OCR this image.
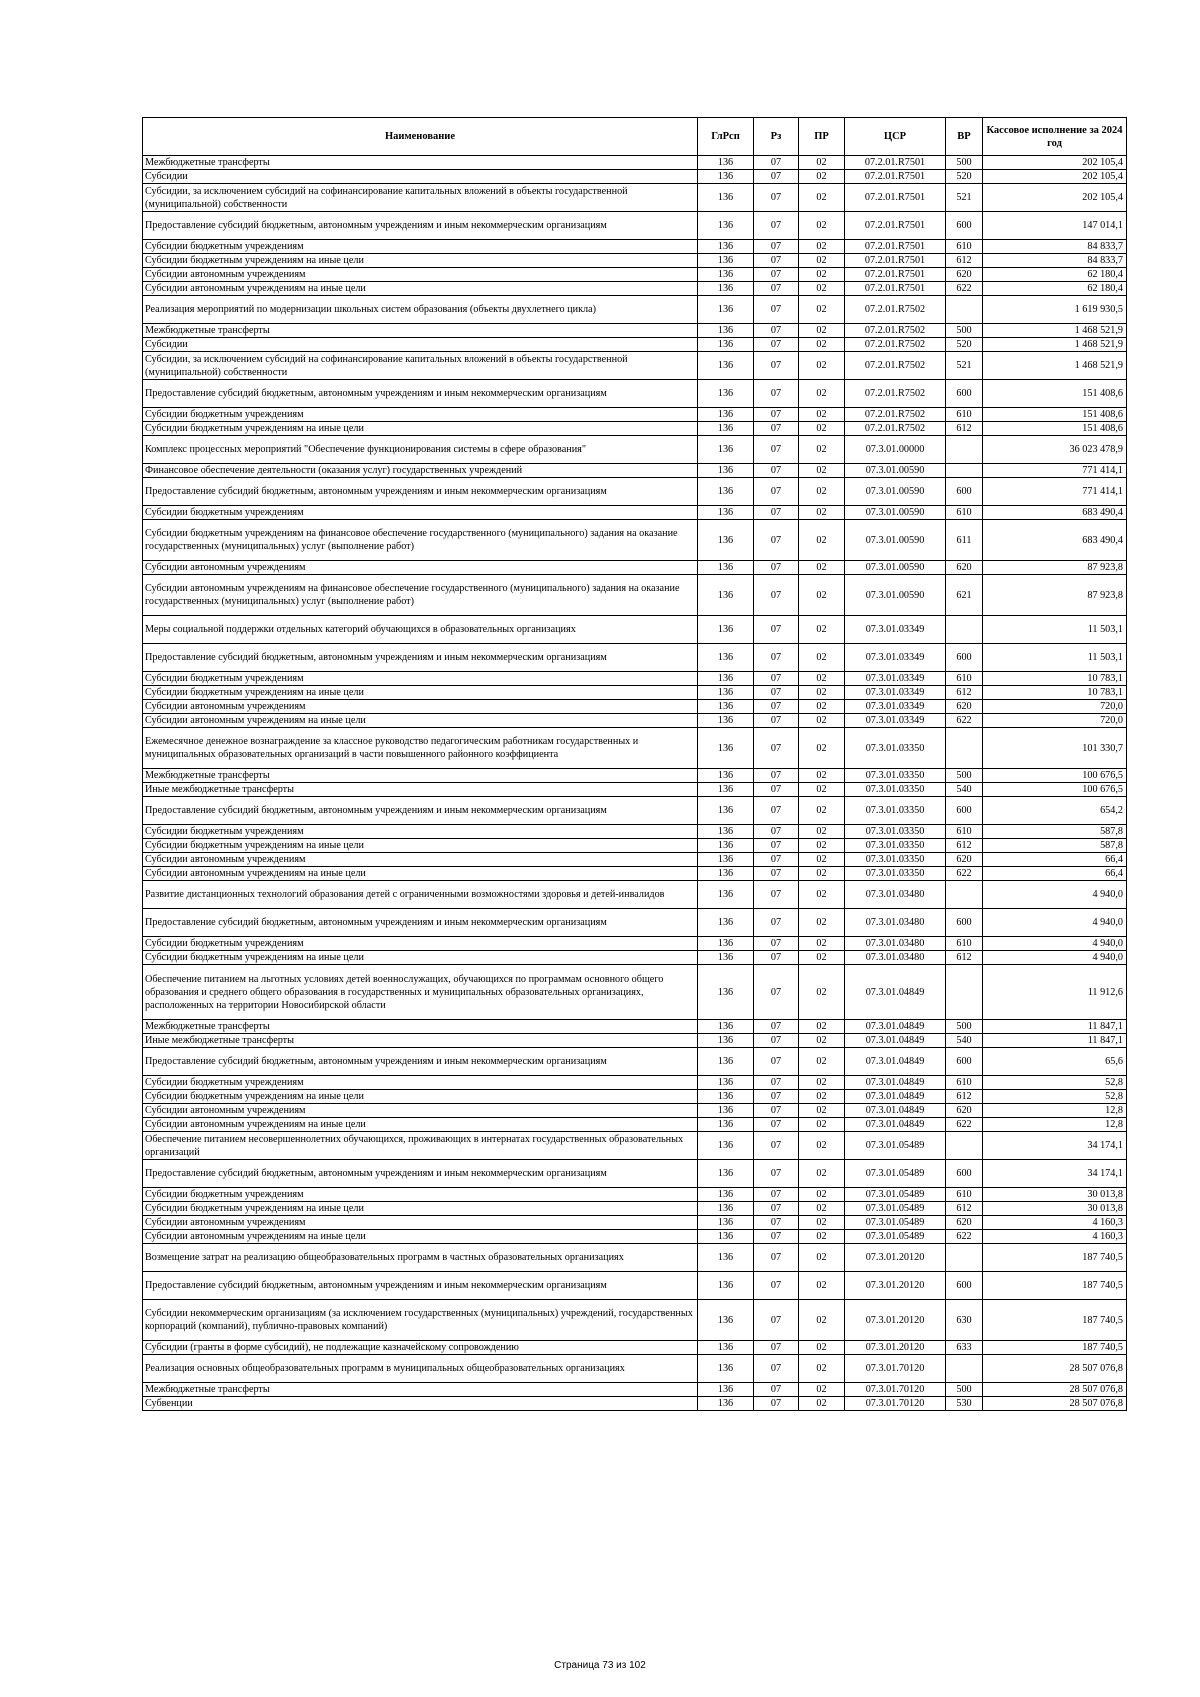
Наименование	ГлРсп	Рз	ПР	ЦСР	ВР	Кассовое исполнение за 2024 год
Межбюджетные трансферты	136	07	02	07.2.01.R7501	500	202 105,4
Субсидии	136	07	02	07.2.01.R7501	520	202 105,4
Субсидии, за исключением субсидий на софинансирование капитальных вложений в объекты государственной (муниципальной) собственности	136	07	02	07.2.01.R7501	521	202 105,4
Предоставление субсидий бюджетным, автономным учреждениям и иным некоммерческим организациям	136	07	02	07.2.01.R7501	600	147 014,1
Субсидии бюджетным учреждениям	136	07	02	07.2.01.R7501	610	84 833,7
Субсидии бюджетным учреждениям на иные цели	136	07	02	07.2.01.R7501	612	84 833,7
Субсидии автономным учреждениям	136	07	02	07.2.01.R7501	620	62 180,4
Субсидии автономным учреждениям на иные цели	136	07	02	07.2.01.R7501	622	62 180,4
Реализация мероприятий по модернизации школьных систем образования (объекты двухлетнего цикла)	136	07	02	07.2.01.R7502		1 619 930,5
Межбюджетные трансферты	136	07	02	07.2.01.R7502	500	1 468 521,9
Субсидии	136	07	02	07.2.01.R7502	520	1 468 521,9
Субсидии, за исключением субсидий на софинансирование капитальных вложений в объекты государственной (муниципальной) собственности	136	07	02	07.2.01.R7502	521	1 468 521,9
Предоставление субсидий бюджетным, автономным учреждениям и иным некоммерческим организациям	136	07	02	07.2.01.R7502	600	151 408,6
Субсидии бюджетным учреждениям	136	07	02	07.2.01.R7502	610	151 408,6
Субсидии бюджетным учреждениям на иные цели	136	07	02	07.2.01.R7502	612	151 408,6
Комплекс процессных мероприятий "Обеспечение функционирования системы в сфере образования"	136	07	02	07.3.01.00000		36 023 478,9
Финансовое обеспечение деятельности (оказания услуг) государственных учреждений	136	07	02	07.3.01.00590		771 414,1
Предоставление субсидий бюджетным, автономным учреждениям и иным некоммерческим организациям	136	07	02	07.3.01.00590	600	771 414,1
Субсидии бюджетным учреждениям	136	07	02	07.3.01.00590	610	683 490,4
Субсидии бюджетным учреждениям на финансовое обеспечение государственного (муниципального) задания на оказание государственных (муниципальных) услуг (выполнение работ)	136	07	02	07.3.01.00590	611	683 490,4
Субсидии автономным учреждениям	136	07	02	07.3.01.00590	620	87 923,8
Субсидии автономным учреждениям на финансовое обеспечение государственного (муниципального) задания на оказание государственных (муниципальных) услуг (выполнение работ)	136	07	02	07.3.01.00590	621	87 923,8
Меры социальной поддержки отдельных категорий обучающихся в образовательных организациях	136	07	02	07.3.01.03349		11 503,1
Предоставление субсидий бюджетным, автономным учреждениям и иным некоммерческим организациям	136	07	02	07.3.01.03349	600	11 503,1
Субсидии бюджетным учреждениям	136	07	02	07.3.01.03349	610	10 783,1
Субсидии бюджетным учреждениям на иные цели	136	07	02	07.3.01.03349	612	10 783,1
Субсидии автономным учреждениям	136	07	02	07.3.01.03349	620	720,0
Субсидии автономным учреждениям на иные цели	136	07	02	07.3.01.03349	622	720,0
Ежемесячное денежное вознаграждение за классное руководство педагогическим работникам государственных и муниципальных образовательных организаций в части повышенного районного коэффициента	136	07	02	07.3.01.03350		101 330,7
Межбюджетные трансферты	136	07	02	07.3.01.03350	500	100 676,5
Иные межбюджетные трансферты	136	07	02	07.3.01.03350	540	100 676,5
Предоставление субсидий бюджетным, автономным учреждениям и иным некоммерческим организациям	136	07	02	07.3.01.03350	600	654,2
Субсидии бюджетным учреждениям	136	07	02	07.3.01.03350	610	587,8
Субсидии бюджетным учреждениям на иные цели	136	07	02	07.3.01.03350	612	587,8
Субсидии автономным учреждениям	136	07	02	07.3.01.03350	620	66,4
Субсидии автономным учреждениям на иные цели	136	07	02	07.3.01.03350	622	66,4
Развитие дистанционных технологий образования детей с ограниченными возможностями здоровья и детей-инвалидов	136	07	02	07.3.01.03480		4 940,0
Предоставление субсидий бюджетным, автономным учреждениям и иным некоммерческим организациям	136	07	02	07.3.01.03480	600	4 940,0
Субсидии бюджетным учреждениям	136	07	02	07.3.01.03480	610	4 940,0
Субсидии бюджетным учреждениям на иные цели	136	07	02	07.3.01.03480	612	4 940,0
Обеспечение питанием на льготных условиях детей военнослужащих, обучающихся по программам основного общего образования и среднего общего образования в государственных и муниципальных образовательных организациях, расположенных на территории Новосибирской области	136	07	02	07.3.01.04849		11 912,6
Межбюджетные трансферты	136	07	02	07.3.01.04849	500	11 847,1
Иные межбюджетные трансферты	136	07	02	07.3.01.04849	540	11 847,1
Предоставление субсидий бюджетным, автономным учреждениям и иным некоммерческим организациям	136	07	02	07.3.01.04849	600	65,6
Субсидии бюджетным учреждениям	136	07	02	07.3.01.04849	610	52,8
Субсидии бюджетным учреждениям на иные цели	136	07	02	07.3.01.04849	612	52,8
Субсидии автономным учреждениям	136	07	02	07.3.01.04849	620	12,8
Субсидии автономным учреждениям на иные цели	136	07	02	07.3.01.04849	622	12,8
Обеспечение питанием несовершеннолетних обучающихся, проживающих в интернатах государственных образовательных организаций	136	07	02	07.3.01.05489		34 174,1
Предоставление субсидий бюджетным, автономным учреждениям и иным некоммерческим организациям	136	07	02	07.3.01.05489	600	34 174,1
Субсидии бюджетным учреждениям	136	07	02	07.3.01.05489	610	30 013,8
Субсидии бюджетным учреждениям на иные цели	136	07	02	07.3.01.05489	612	30 013,8
Субсидии автономным учреждениям	136	07	02	07.3.01.05489	620	4 160,3
Субсидии автономным учреждениям на иные цели	136	07	02	07.3.01.05489	622	4 160,3
Возмещение затрат на реализацию общеобразовательных программ в частных образовательных организациях	136	07	02	07.3.01.20120		187 740,5
Предоставление субсидий бюджетным, автономным учреждениям и иным некоммерческим организациям	136	07	02	07.3.01.20120	600	187 740,5
Субсидии некоммерческим организациям (за исключением государственных (муниципальных) учреждений, государственных корпораций (компаний), публично-правовых компаний)	136	07	02	07.3.01.20120	630	187 740,5
Субсидии (гранты в форме субсидий), не подлежащие казначейскому сопровождению	136	07	02	07.3.01.20120	633	187 740,5
Реализация основных общеобразовательных программ в муниципальных общеобразовательных организациях	136	07	02	07.3.01.70120		28 507 076,8
Межбюджетные трансферты	136	07	02	07.3.01.70120	500	28 507 076,8
Субвенции	136	07	02	07.3.01.70120	530	28 507 076,8
Страница 73 из 102
